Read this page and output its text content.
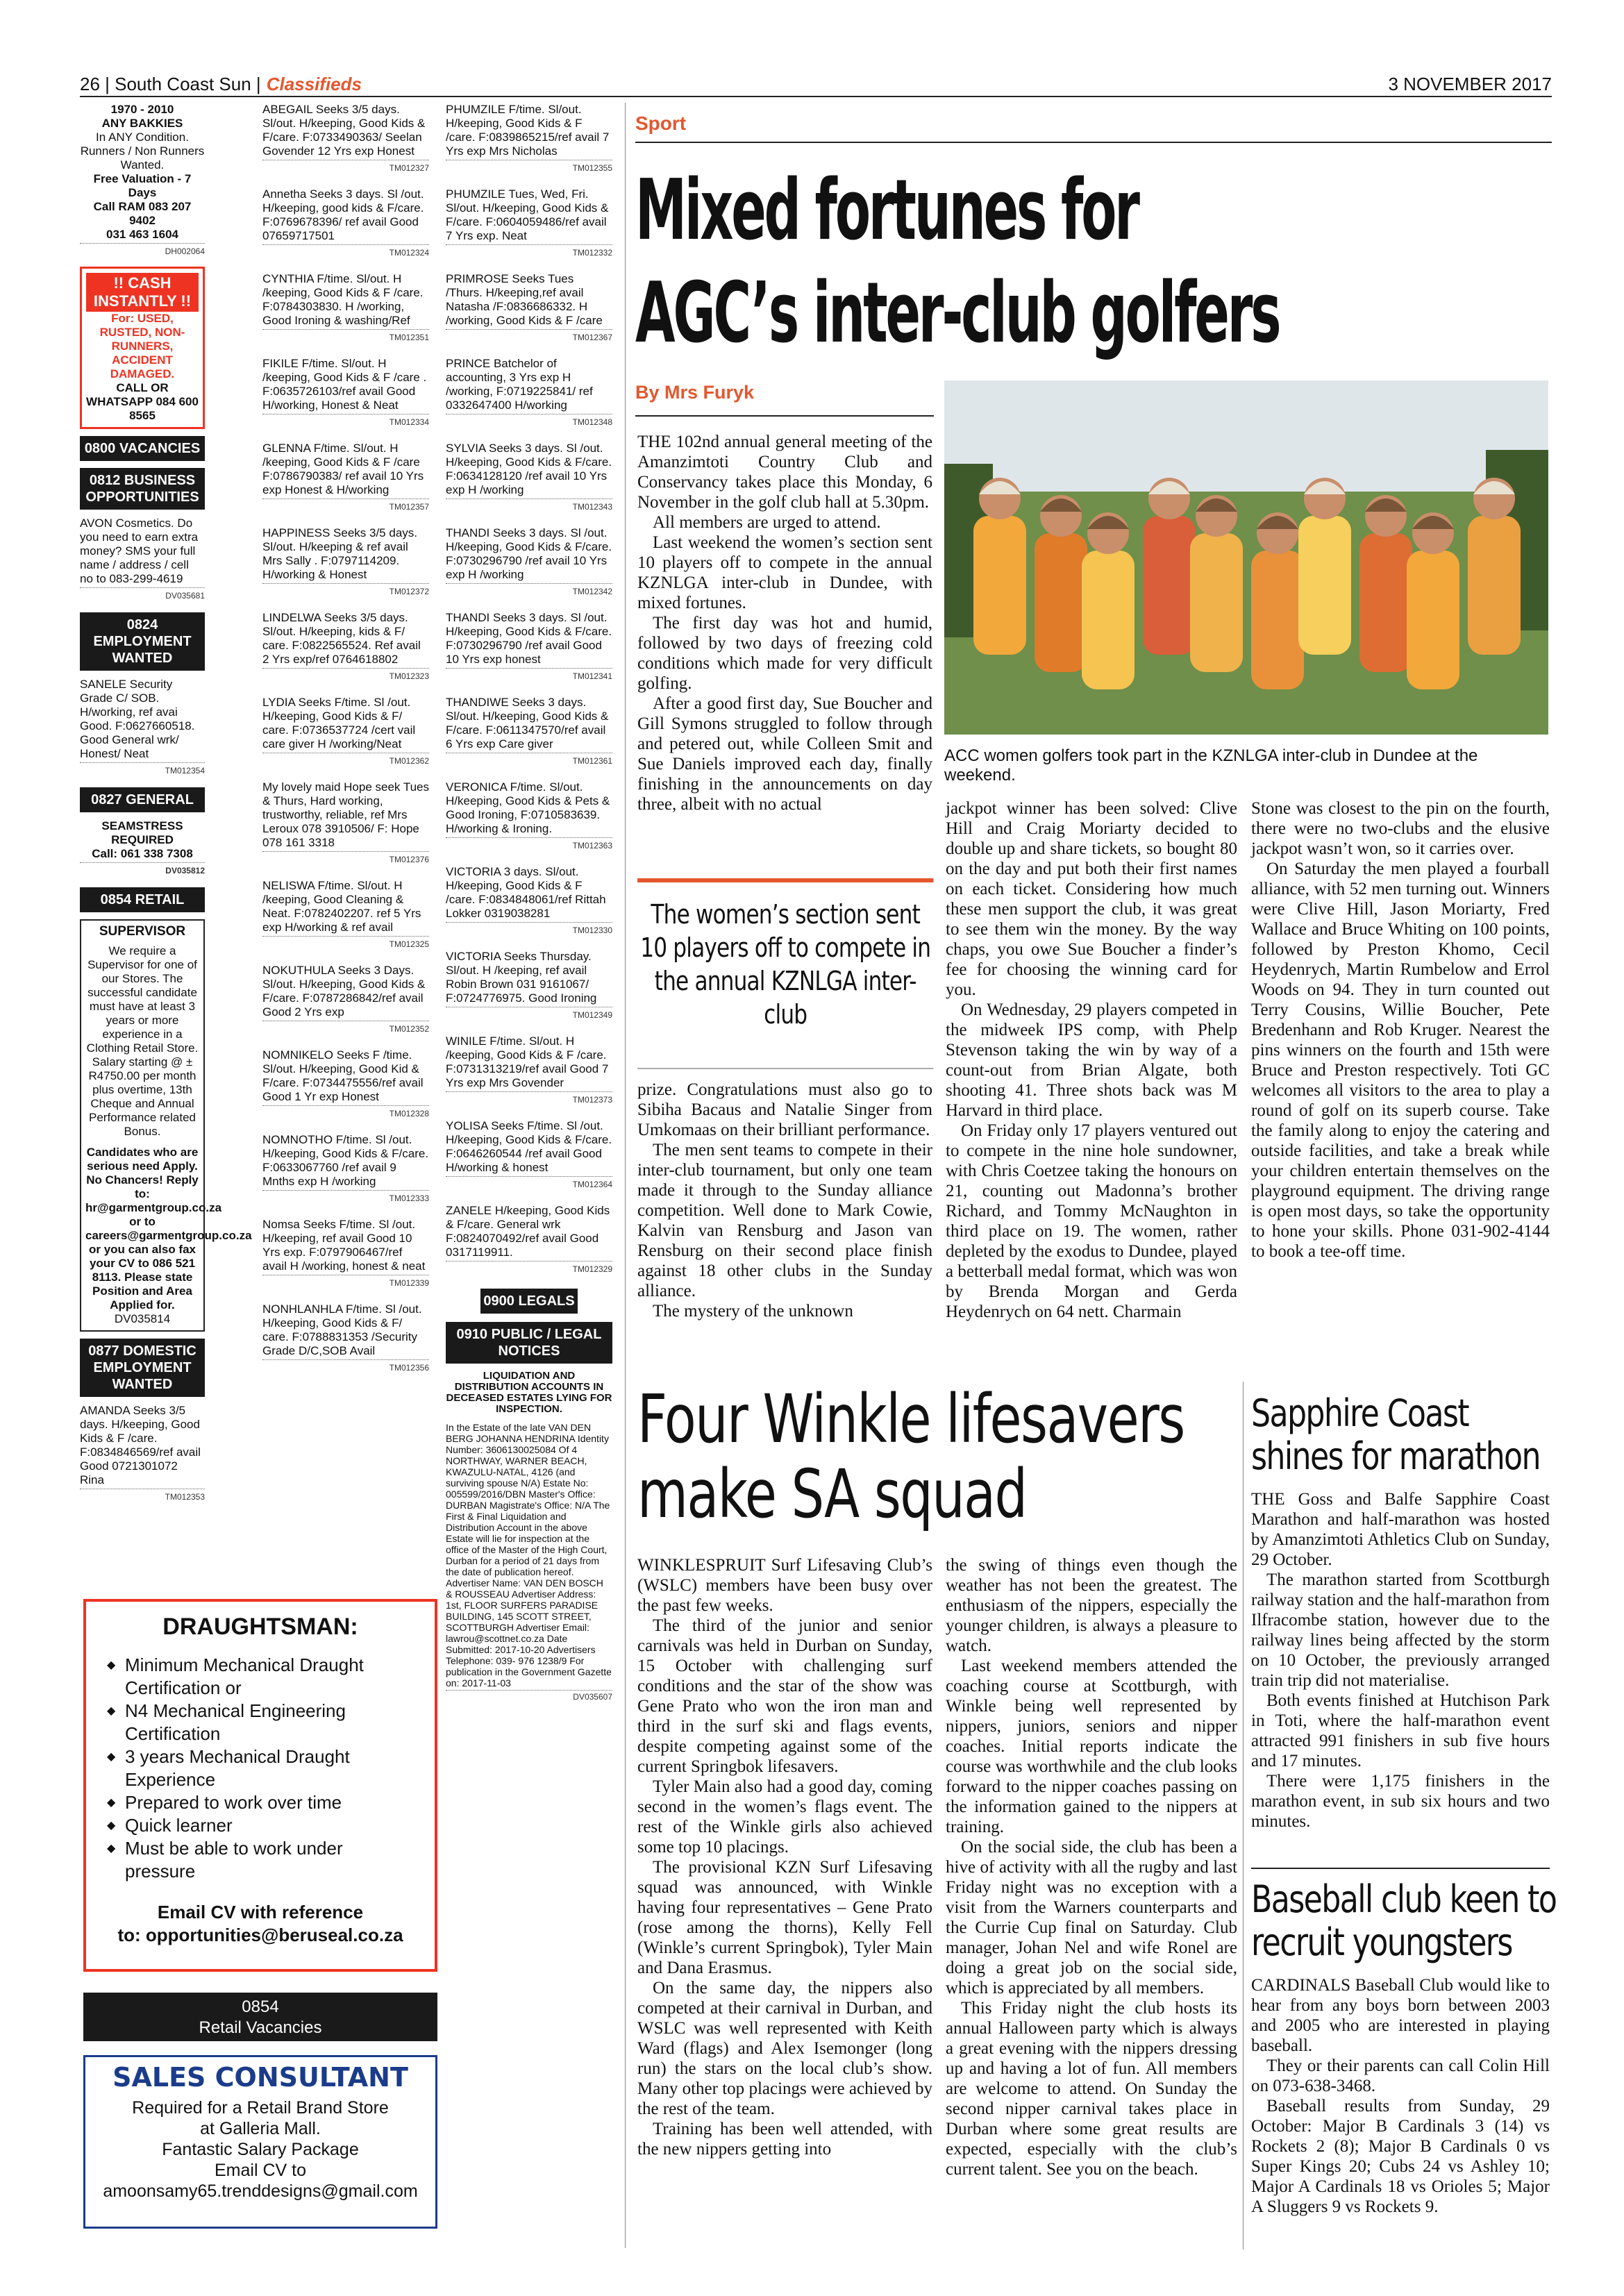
26 | South Coast Sun | Classifieds	3 NOVEMBER 2017
1970 - 2010
ANY BAKKIES
In ANY Condition. Runners / Non Runners Wanted.
Free Valuation - 7 Days
Call RAM 083 207 9402
031 463 1604
DH002064
!! CASH INSTANTLY !!
For: USED, RUSTED, NON-RUNNERS, ACCIDENT DAMAGED.
CALL OR WHATSAPP 084 600 8565
0800 VACANCIES
0812 BUSINESS OPPORTUNITIES
AVON Cosmetics. Do you need to earn extra money? SMS your full name / address / cell no to 083-299-4619
DV035681
0824 EMPLOYMENT WANTED
SANELE Security Grade C/ SOB. H/working, ref avai Good. F:0627660518. Good General wrk/ Honest/ Neat
TM012354
0827 GENERAL
SEAMSTRESS
REQUIRED
Call: 061 338 7308
DV035812
0854 RETAIL
SUPERVISOR
We require a Supervisor for one of our Stores. The successful candidate must have at least 3 years or more experience in a Clothing Retail Store. Salary starting @ ± R4750.00 per month plus overtime, 13th Cheque and Annual Performance related Bonus.
Candidates who are serious need Apply. No Chancers! Reply to: hr@garmentgroup.co.za or to careers@garmentgroup.co.za or you can also fax your CV to 086 521 8113. Please state Position and Area Applied for.
DV035814
0877 DOMESTIC EMPLOYMENT WANTED
AMANDA Seeks 3/5 days. H/keeping, Good Kids & F /care. F:0834846569/ref avail Good 0721301072 Rina
TM012353
ABEGAIL Seeks 3/5 days. Sl/out. H/keeping, Good Kids & F/care. F:0733490363/ Seelan Govender 12 Yrs exp Honest
TM012327
Annetha Seeks 3 days. Sl /out. H/keeping, good kids & F/care. F:0769678396/ ref avail Good 07659717501
TM012324
CYNTHIA F/time. Sl/out. H /keeping, Good Kids & F /care. F:0784303830. H /working, Good Ironing & washing/Ref
TM012351
FIKILE F/time. Sl/out. H /keeping, Good Kids & F /care . F:0635726103/ref avail Good H/working, Honest & Neat
TM012334
GLENNA F/time. Sl/out. H /keeping, Good Kids & F /care F:0786790383/ ref avail 10 Yrs exp Honest & H/working
TM012357
HAPPINESS Seeks 3/5 days. Sl/out. H/keeping & ref avail Mrs Sally . F:0797114209. H/working & Honest
TM012372
LINDELWA Seeks 3/5 days. Sl/out. H/keeping, kids & F/ care. F:0822565524. Ref avail 2 Yrs exp/ref 0764618802
TM012323
LYDIA Seeks F/time. Sl /out. H/keeping, Good Kids & F/ care. F:0736537724 /cert vail care giver H /working/Neat
TM012362
My lovely maid Hope seek Tues & Thurs, Hard working, trustworthy, reliable, ref Mrs Leroux 078 3910506/ F: Hope 078 161 3318
TM012376
NELISWA F/time. Sl/out. H /keeping, Good Cleaning & Neat. F:0782402207. ref 5 Yrs exp H/working & ref avail
TM012325
NOKUTHULA Seeks 3 Days. Sl/out. H/keeping, Good Kids & F/care. F:0787286842/ref avail Good 2 Yrs exp
TM012352
NOMNIKELO Seeks F /time. Sl/out. H/keeping, Good Kid & F/care. F:0734475556/ref avail Good 1 Yr exp Honest
TM012328
NOMNOTHO F/time. Sl /out. H/keeping, Good Kids & F/care. F:0633067760 /ref avail 9 Mnths exp H /working
TM012333
Nomsa Seeks F/time. Sl /out. H/keeping, ref avail Good 10 Yrs exp. F:0797906467/ref avail H /working, honest & neat
TM012339
NONHLANHLA F/time. Sl /out. H/keeping, Good Kids & F/ care. F:0788831353 /Security Grade D/C,SOB Avail
TM012356
PHUMZILE F/time. Sl/out. H/keeping, Good Kids & F /care. F:0839865215/ref avail 7 Yrs exp Mrs Nicholas
TM012355
PHUMZILE Tues, Wed, Fri. Sl/out. H/keeping, Good Kids & F/care. F:0604059486/ref avail 7 Yrs exp. Neat
TM012332
PRIMROSE Seeks Tues /Thurs. H/keeping,ref avail Natasha /F:0836686332. H /working, Good Kids & F /care
TM012367
PRINCE Batchelor of accounting, 3 Yrs exp H /working, F:0719225841/ ref 0332647400 H/working
TM012348
SYLVIA Seeks 3 days. Sl /out. H/keeping, Good Kids & F/care. F:0634128120 /ref avail 10 Yrs exp H /working
TM012343
THANDI Seeks 3 days. Sl /out. H/keeping, Good Kids & F/care. F:0730296790 /ref avail 10 Yrs exp H /working
TM012342
THANDI Seeks 3 days. Sl /out. H/keeping, Good Kids & F/care. F:0730296790 /ref avail Good 10 Yrs exp honest
TM012341
THANDIWE Seeks 3 days. Sl/out. H/keeping, Good Kids & F/care. F:0611347570/ref avail 6 Yrs exp Care giver
TM012361
VERONICA F/time. Sl/out. H/keeping, Good Kids & Pets & Good Ironing, F:0710583639. H/working & Ironing.
TM012363
VICTORIA 3 days. Sl/out. H/keeping, Good Kids & F /care. F:0834848061/ref Rittah Lokker 0319038281
TM012330
VICTORIA Seeks Thursday. Sl/out. H /keeping, ref avail Robin Brown 031 9161067/ F:0724776975. Good Ironing
TM012349
WINILE F/time. Sl/out. H /keeping, Good Kids & F /care. F:0731313219/ref avail Good 7 Yrs exp Mrs Govender
TM012373
YOLISA Seeks F/time. Sl /out. H/keeping, Good Kids & F/care. F:0646260544 /ref avail Good H/working & honest
TM012364
ZANELE H/keeping, Good Kids & F/care. General wrk F:0824070492/ref avail Good 0317119911.
TM012329
0900 LEGALS
0910 PUBLIC / LEGAL NOTICES
LIQUIDATION AND DISTRIBUTION ACCOUNTS IN DECEASED ESTATES LYING FOR INSPECTION.
In the Estate of the late VAN DEN BERG JOHANNA HENDRINA Identity Number: 3606130025084 Of 4 NORTHWAY, WARNER BEACH, KWAZULU-NATAL, 4126 (and surviving spouse N/A) Estate No: 005599/2016/DBN Master's Office: DURBAN Magistrate's Office: N/A The First & Final Liquidation and Distribution Account in the above Estate will lie for inspection at the office of the Master of the High Court, Durban for a period of 21 days from the date of publication hereof. Advertiser Name: VAN DEN BOSCH & ROUSSEAU Advertiser Address: 1st, FLOOR SURFERS PARADISE BUILDING, 145 SCOTT STREET, SCOTTBURGH Advertiser Email: lawrou@scottnet.co.za Date Submitted: 2017-10-20 Advertisers Telephone: 039- 976 1238/9 For publication in the Government Gazette on: 2017-11-03
DV035607
DRAUGHTSMAN:
◆ Minimum Mechanical Draught Certification or
◆ N4 Mechanical Engineering Certification
◆ 3 years Mechanical Draught Experience
◆ Prepared to work over time
◆ Quick learner
◆ Must be able to work under pressure
Email CV with reference
to: opportunities@beruseal.co.za
0854
Retail Vacancies
SALES CONSULTANT
Required for a Retail Brand Store
at Galleria Mall.
Fantastic Salary Package
Email CV to
amoonsamy65.trenddesigns@gmail.com
Sport
Mixed fortunes for
AGC’s inter-club golfers
By Mrs Furyk
ACC women golfers took part in the KZNLGA inter-club in Dundee at the weekend.

THE 102nd annual general meeting of the Amanzimtoti Country Club and Conservancy takes place this Monday, 6 November in the golf club hall at 5.30pm.

All members are urged to attend.

Last weekend the women’s section sent 10 players off to compete in the annual KZNLGA inter-club in Dundee, with mixed fortunes.

The first day was hot and humid, followed by two days of freezing cold conditions which made for very difficult golfing.

After a good first day, Sue Boucher and Gill Symons struggled to follow through and petered out, while Colleen Smit and Sue Daniels improved each day, finally finishing in the announcements on day three, albeit with no actual

The women’s section sent 10 players off to compete in the annual KZNLGA inter-club

prize. Congratulations must also go to Sibiha Bacaus and Natalie Singer from Umkomaas on their brilliant performance.

The men sent teams to compete in their inter-club tournament, but only one team made it through to the Sunday alliance competition. Well done to Mark Cowie, Kalvin van Rensburg and Jason van Rensburg on their second place finish against 18 other clubs in the Sunday alliance.

The mystery of the unknown

jackpot winner has been solved: Clive Hill and Craig Moriarty decided to double up and share tickets, so bought 80 on the day and put both their first names on each ticket. Considering how much these men support the club, it was great to see them win the money. By the way chaps, you owe Sue Boucher a finder’s fee for choosing the winning card for you.

On Wednesday, 29 players competed in the midweek IPS comp, with Phelp Stevenson taking the win by way of a count-out from Brian Algate, both shooting 41. Three shots back was M Harvard in third place.

On Friday only 17 players ventured out to compete in the nine hole sundowner, with Chris Coetzee taking the honours on 21, counting out Madonna’s brother Richard, and Tommy McNaughton in third place on 19. The women, rather depleted by the exodus to Dundee, played a betterball medal format, which was won by Brenda Morgan and Gerda Heydenrych on 64 nett. Charmain

Stone was closest to the pin on the fourth, there were no two-clubs and the elusive jackpot wasn’t won, so it carries over.

On Saturday the men played a fourball alliance, with 52 men turning out. Winners were Clive Hill, Jason Moriarty, Fred Wallace and Bruce Whiting on 100 points, followed by Preston Khomo, Cecil Heydenrych, Martin Rumbelow and Errol Woods on 94. They in turn counted out Terry Cousins, Willie Boucher, Pete Bredenhann and Rob Kruger. Nearest the pins winners on the fourth and 15th were Bruce and Preston respectively. Toti GC welcomes all visitors to the area to play a round of golf on its superb course. Take the family along to enjoy the catering and outside facilities, and take a break while your children entertain themselves on the playground equipment. The driving range is open most days, so take the opportunity to hone your skills. Phone 031-902-4144 to book a tee-off time.

Four Winkle lifesavers
make SA squad

WINKLESPRUIT Surf Lifesaving Club’s (WSLC) members have been busy over the past few weeks.

The third of the junior and senior carnivals was held in Durban on Sunday, 15 October with challenging surf conditions and the star of the show was Gene Prato who won the iron man and third in the surf ski and flags events, despite competing against some of the current Springbok lifesavers.

Tyler Main also had a good day, coming second in the women’s flags event. The rest of the Winkle girls also achieved some top 10 placings.

The provisional KZN Surf Lifesaving squad was announced, with Winkle having four representatives – Gene Prato (rose among the thorns), Kelly Fell (Winkle’s current Springbok), Tyler Main and Dana Erasmus.

On the same day, the nippers also competed at their carnival in Durban, and WSLC was well represented with Keith Ward (flags) and Alex Isemonger (long run) the stars on the local club’s show. Many other top placings were achieved by the rest of the team.

Training has been well attended, with the new nippers getting into

the swing of things even though the weather has not been the greatest. The enthusiasm of the nippers, especially the younger children, is always a pleasure to watch.

Last weekend members attended the coaching course at Scottburgh, with Winkle being well represented by nippers, juniors, seniors and nipper coaches. Initial reports indicate the course was worthwhile and the club looks forward to the nipper coaches passing on the information gained to the nippers at training.

On the social side, the club has been a hive of activity with all the rugby and last Friday night was no exception with a visit from the Warners counterparts and the Currie Cup final on Saturday. Club manager, Johan Nel and wife Ronel are doing a great job on the social side, which is appreciated by all members.

This Friday night the club hosts its annual Halloween party which is always a great evening with the nippers dressing up and having a lot of fun. All members are welcome to attend. On Sunday the second nipper carnival takes place in Durban where some great results are expected, especially with the club’s current talent. See you on the beach.

Sapphire Coast
shines for marathon

THE Goss and Balfe Sapphire Coast Marathon and half-marathon was hosted by Amanzimtoti Athletics Club on Sunday, 29 October.

The marathon started from Scottburgh railway station and the half-marathon from Ilfracombe station, however due to the railway lines being affected by the storm on 10 October, the previously arranged train trip did not materialise.

Both events finished at Hutchison Park in Toti, where the half-marathon event attracted 991 finishers in sub five hours and 17 minutes.

There were 1,175 finishers in the marathon event, in sub six hours and two minutes.

Baseball club keen to
recruit youngsters

CARDINALS Baseball Club would like to hear from any boys born between 2003 and 2005 who are interested in playing baseball.

They or their parents can call Colin Hill on 073-638-3468.

Baseball results from Sunday, 29 October: Major B Cardinals 3 (14) vs Rockets 2 (8); Major B Cardinals 0 vs Super Kings 20; Cubs 24 vs Ashley 10; Major A Cardinals 18 vs Orioles 5; Major A Sluggers 9 vs Rockets 9.
